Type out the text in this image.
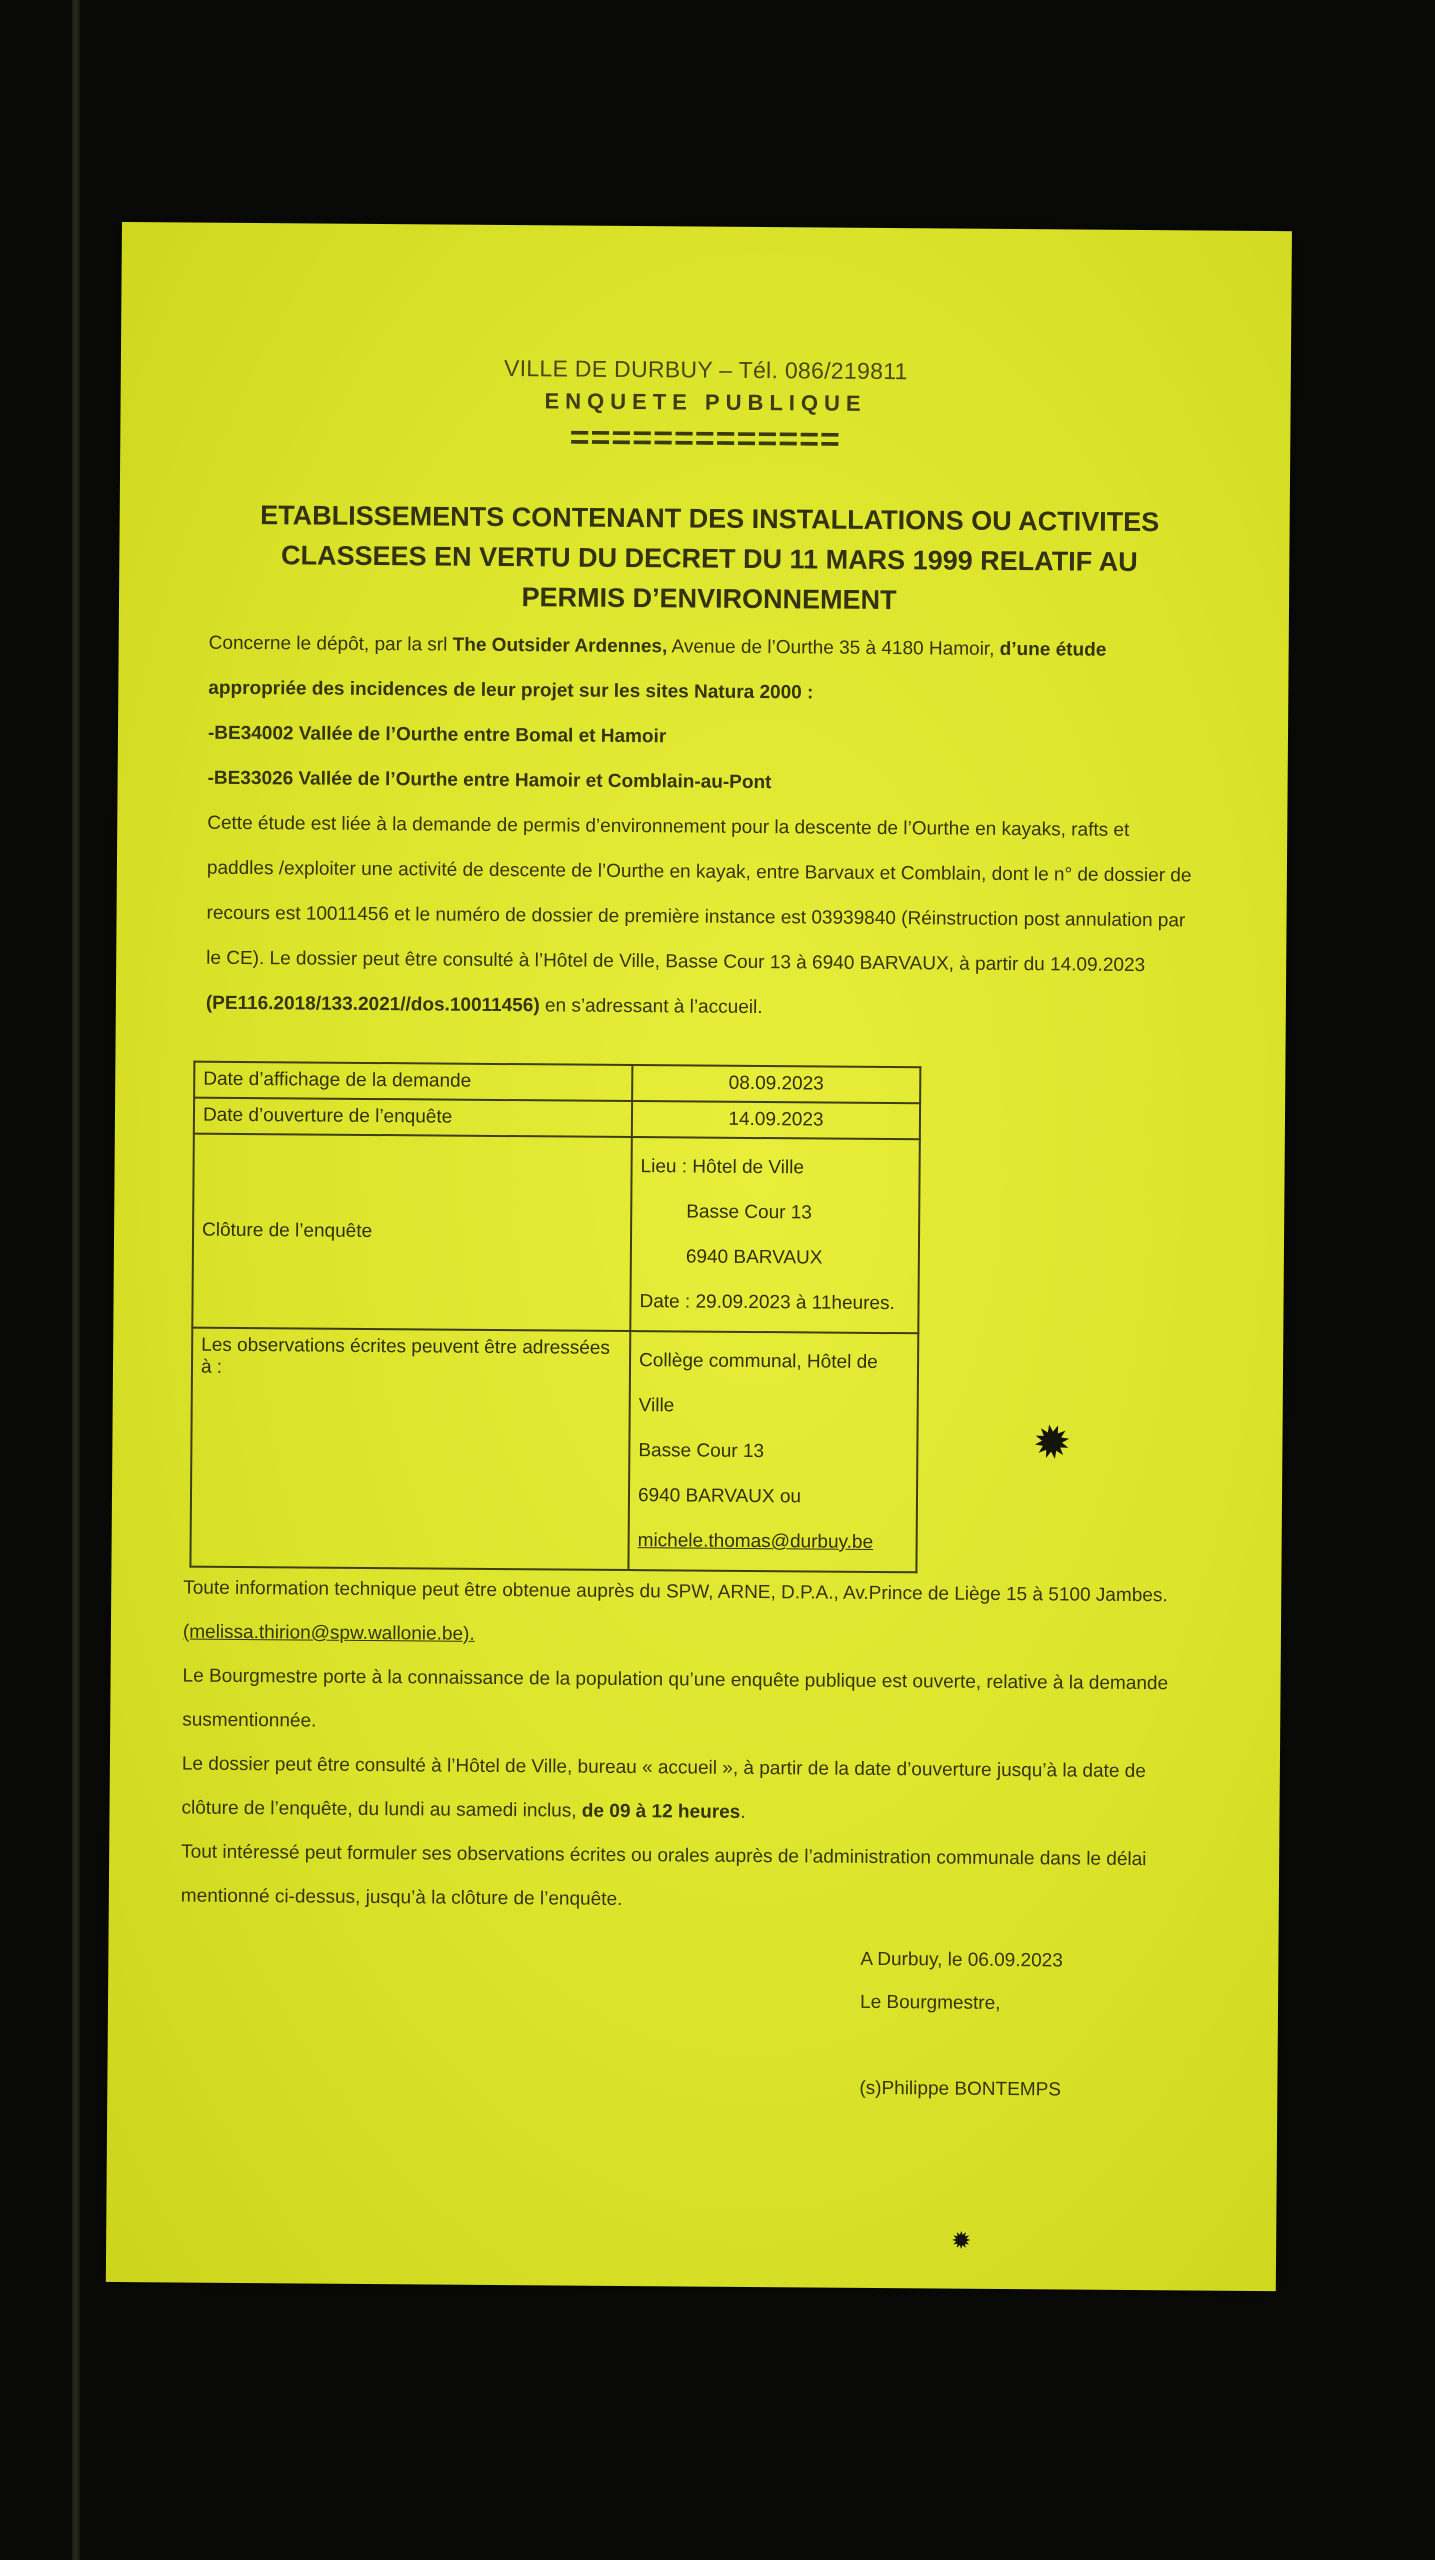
VILLE DE DURBUY – Tél. 086/219811
ENQUETE PUBLIQUE
=============
ETABLISSEMENTS CONTENANT DES INSTALLATIONS OU ACTIVITES CLASSEES EN VERTU DU DECRET DU 11 MARS 1999 RELATIF AU PERMIS D’ENVIRONNEMENT

Concerne le dépôt, par la srl The Outsider Ardennes, Avenue de l’Ourthe 35 à 4180 Hamoir, d’une étude appropriée des incidences de leur projet sur les sites Natura 2000 :

-BE34002 Vallée de l’Ourthe entre Bomal et Hamoir

-BE33026 Vallée de l’Ourthe entre Hamoir et Comblain-au-Pont

Cette étude est liée à la demande de permis d’environnement pour la descente de l’Ourthe en kayaks, rafts et paddles /exploiter une activité de descente de l’Ourthe en kayak, entre Barvaux et Comblain, dont le n° de dossier de recours est 10011456 et le numéro de dossier de première instance est 03939840 (Réinstruction post annulation par le CE). Le dossier peut être consulté à l’Hôtel de Ville, Basse Cour 13 à 6940 BARVAUX, à partir du 14.09.2023

(PE116.2018/133.2021//dos.10011456) en s’adressant à l’accueil.

Date d’affichage de la demande	08.09.2023
Date d’ouverture de l’enquête	14.09.2023
Clôture de l’enquête	Lieu : Hôtel de Ville
Basse Cour 13
6940 BARVAUX
Date : 29.09.2023 à 11heures.

Les observations écrites peuvent être adressées à :	Collège communal, Hôtel de Ville
Basse Cour 13
6940 BARVAUX ou
michele.thomas@durbuy.be

Toute information technique peut être obtenue auprès du SPW, ARNE, D.P.A., Av.Prince de Liège 15 à 5100 Jambes.

(melissa.thirion@spw.wallonie.be).

Le Bourgmestre porte à la connaissance de la population qu’une enquête publique est ouverte, relative à la demande susmentionnée.

Le dossier peut être consulté à l’Hôtel de Ville, bureau « accueil », à partir de la date d’ouverture jusqu’à la date de clôture de l’enquête, du lundi au samedi inclus, de 09 à 12 heures.

Tout intéressé peut formuler ses observations écrites ou orales auprès de l’administration communale dans le délai mentionné ci-dessus, jusqu’à la clôture de l’enquête.

A Durbuy, le 06.09.2023
Le Bourgmestre,
(s)Philippe BONTEMPS
✹
✹
